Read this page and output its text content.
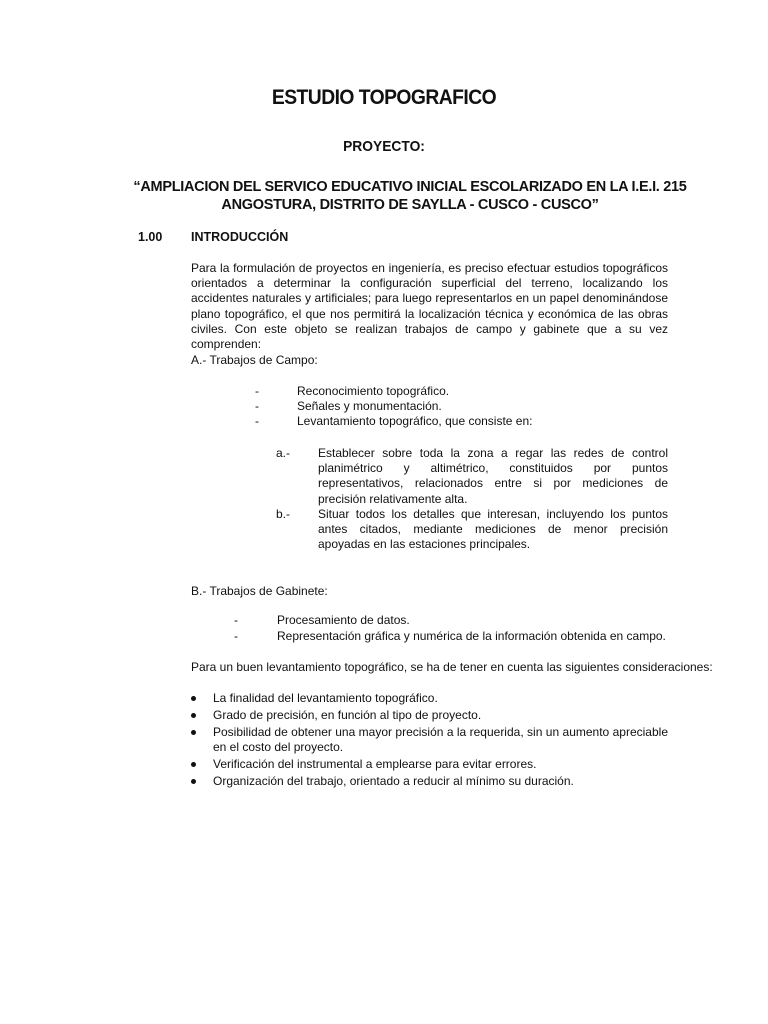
ESTUDIO TOPOGRAFICO
PROYECTO:
“AMPLIACION DEL SERVICO EDUCATIVO INICIAL ESCOLARIZADO EN LA I.E.I. 215
ANGOSTURA, DISTRITO DE SAYLLA - CUSCO - CUSCO”
1.00 INTRODUCCIÓN
Para la formulación de proyectos en ingeniería, es preciso efectuar estudios topográficos orientados a determinar la configuración superficial del terreno, localizando los accidentes naturales y artificiales; para luego representarlos en un papel denominándose plano topográfico, el que nos permitirá la localización técnica y económica de las obras civiles. Con este objeto se realizan trabajos de campo y gabinete que a su vez comprenden:
A.- Trabajos de Campo:
-	Reconocimiento topográfico.
-	Señales y monumentación.
-	Levantamiento topográfico, que consiste en:
a.- Establecer sobre toda la zona a regar las redes de control planimétrico y altimétrico, constituidos por puntos representativos, relacionados entre si por mediciones de precisión relativamente alta.
b.- Situar todos los detalles que interesan, incluyendo los puntos antes citados, mediante mediciones de menor precisión apoyadas en las estaciones principales.
B.- Trabajos de Gabinete:
-	Procesamiento de datos.
-	Representación gráfica y numérica de la información obtenida en campo.
Para un buen levantamiento topográfico, se ha de tener en cuenta las siguientes consideraciones:
La finalidad del levantamiento topográfico.
Grado de precisión, en función al tipo de proyecto.
Posibilidad de obtener una mayor precisión a la requerida, sin un aumento apreciable en el costo del proyecto.
Verificación del instrumental a emplearse para evitar errores.
Organización del trabajo, orientado a reducir al mínimo su duración.
